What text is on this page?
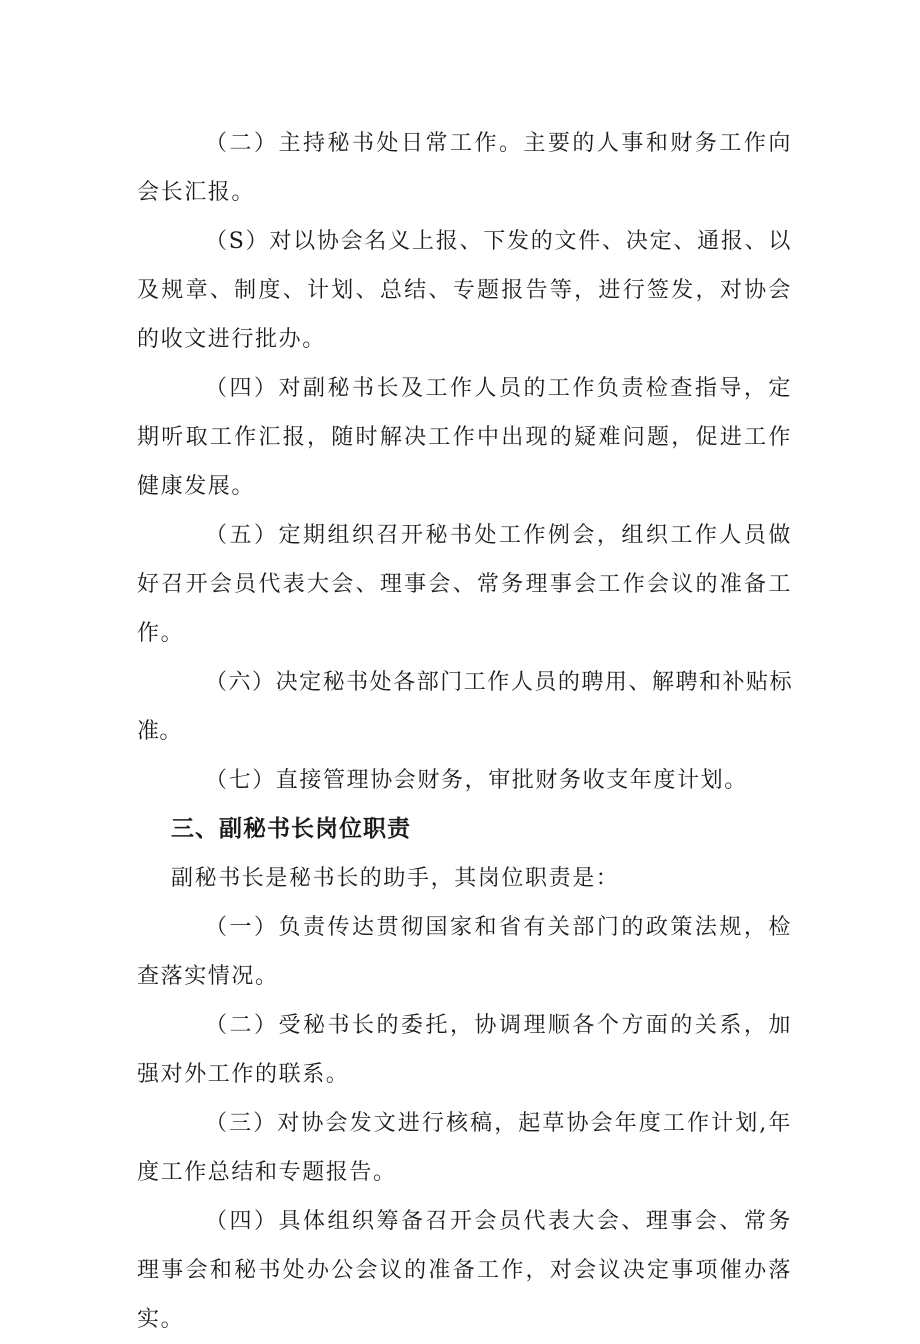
（二）主持秘书处日常工作。主要的人事和财务工作向会长汇报。

（S）对以协会名义上报、下发的文件、决定、通报、以及规章、制度、计划、总结、专题报告等，进行签发，对协会的收文进行批办。

（四）对副秘书长及工作人员的工作负责检查指导，定期听取工作汇报，随时解决工作中出现的疑难问题，促进工作健康发展。

（五）定期组织召开秘书处工作例会，组织工作人员做好召开会员代表大会、理事会、常务理事会工作会议的准备工作。

（六）决定秘书处各部门工作人员的聘用、解聘和补贴标准。

（七）直接管理协会财务，审批财务收支年度计划。

三、副秘书长岗位职责

副秘书长是秘书长的助手，其岗位职责是：

（一）负责传达贯彻国家和省有关部门的政策法规，检查落实情况。

（二）受秘书长的委托，协调理顺各个方面的关系，加强对外工作的联系。

（三）对协会发文进行核稿，起草协会年度工作计划,年度工作总结和专题报告。

（四）具体组织筹备召开会员代表大会、理事会、常务理事会和秘书处办公会议的准备工作，对会议决定事项催办落实。
